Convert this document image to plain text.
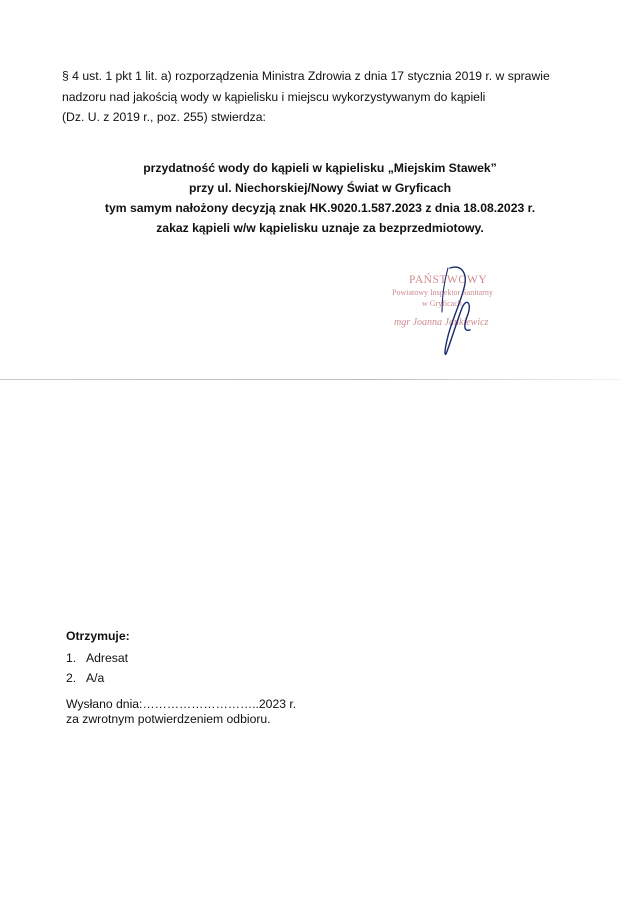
§ 4 ust. 1 pkt 1 lit. a) rozporządzenia Ministra Zdrowia z dnia 17 stycznia 2019 r. w sprawie

nadzoru nad jakością wody w kąpielisku i miejscu wykorzystywanym do kąpieli

(Dz. U. z 2019 r., poz. 255) stwierdza:

przydatność wody do kąpieli w kąpielisku „Miejskim Stawek”
przy ul. Niechorskiej/Nowy Świat w Gryficach
tym samym nałożony decyzją znak HK.9020.1.587.2023 z dnia 18.08.2023 r.
zakaz kąpieli w/w kąpielisku uznaje za bezprzedmiotowy.
PAŃSTWOWY
Powiatowy Inspektor Sanitarny
w Gryficach
mgr Joanna Jankiewicz
Otrzymuje:
1. Adresat
2. A/a
Wysłano dnia:………………………..2023 r.
za zwrotnym potwierdzeniem odbioru.
